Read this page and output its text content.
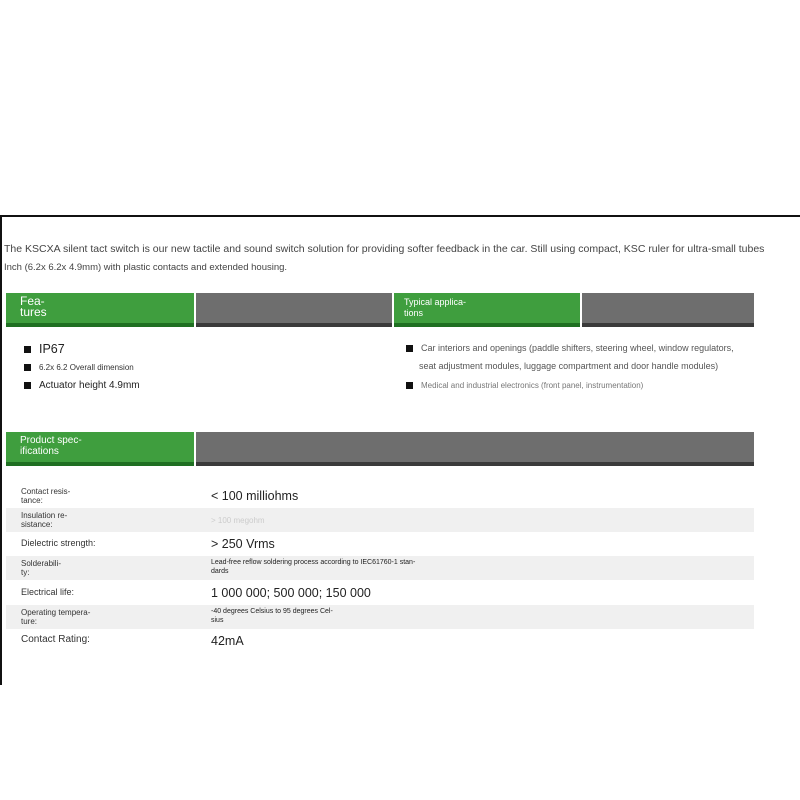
The KSCXA silent tact switch is our new tactile and sound switch solution for providing softer feedback in the car. Still using compact, KSC ruler for ultra-small tubes
Inch (6.2x 6.2x 4.9mm) with plastic contacts and extended housing.
Fea-
tures
Typical applica-
tions
IP67
6.2x 6.2 Overall dimension
Actuator height 4.9mm
Car interiors and openings (paddle shifters, steering wheel, window regulators,
seat adjustment modules, luggage compartment and door handle modules)
Medical and industrial electronics (front panel, instrumentation)
Product spec-
ifications
Contact resis-
tance:	< 100 milliohms
Insulation re-
sistance:	> 100 megohm
Dielectric strength:	> 250 Vrms
Solderabili-
ty:
Lead-free reflow soldering process according to IEC61760-1 stan-
dards
Electrical life:	1 000 000; 500 000; 150 000
Operating tempera-
ture:
-40 degrees Celsius to 95 degrees Cel-
sius
Contact Rating:	42mA
